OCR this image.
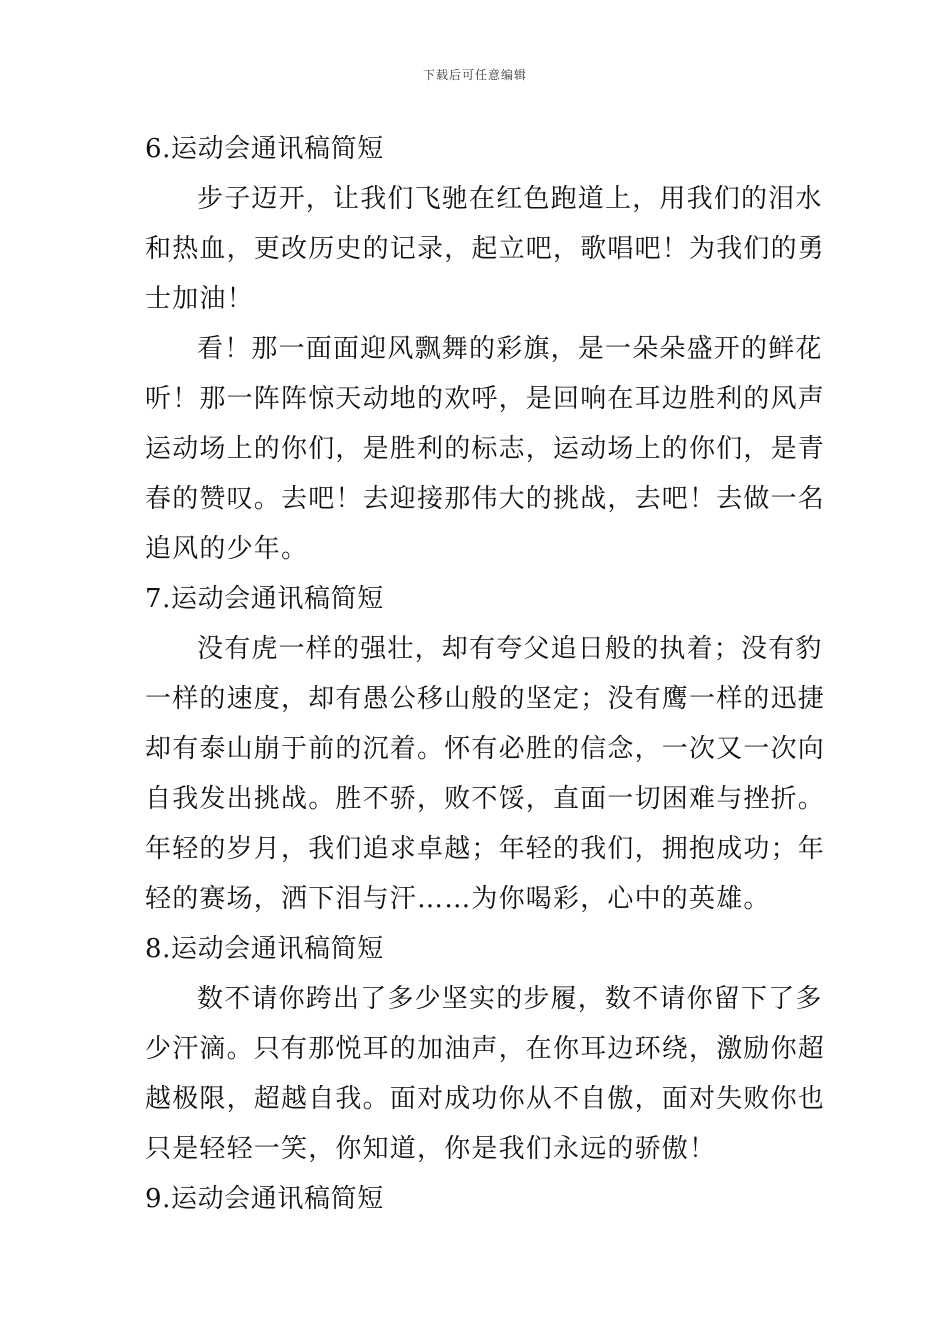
下载后可任意编辑
6.运动会通讯稿简短
步子迈开，让我们飞驰在红色跑道上，用我们的泪水
和热血，更改历史的记录，起立吧，歌唱吧！为我们的勇
士加油！
看！那一面面迎风飘舞的彩旗，是一朵朵盛开的鲜花
听！那一阵阵惊天动地的欢呼，是回响在耳边胜利的风声
运动场上的你们，是胜利的标志，运动场上的你们，是青
春的赞叹。去吧！去迎接那伟大的挑战，去吧！去做一名
追风的少年。
7.运动会通讯稿简短
没有虎一样的强壮，却有夸父追日般的执着；没有豹
一样的速度，却有愚公移山般的坚定；没有鹰一样的迅捷
却有泰山崩于前的沉着。怀有必胜的信念，一次又一次向
自我发出挑战。胜不骄，败不馁，直面一切困难与挫折。
年轻的岁月，我们追求卓越；年轻的我们，拥抱成功；年
轻的赛场，洒下泪与汗……为你喝彩，心中的英雄。
8.运动会通讯稿简短
数不请你跨出了多少坚实的步履，数不请你留下了多
少汗滴。只有那悦耳的加油声，在你耳边环绕，激励你超
越极限，超越自我。面对成功你从不自傲，面对失败你也
只是轻轻一笑，你知道，你是我们永远的骄傲！
9.运动会通讯稿简短
